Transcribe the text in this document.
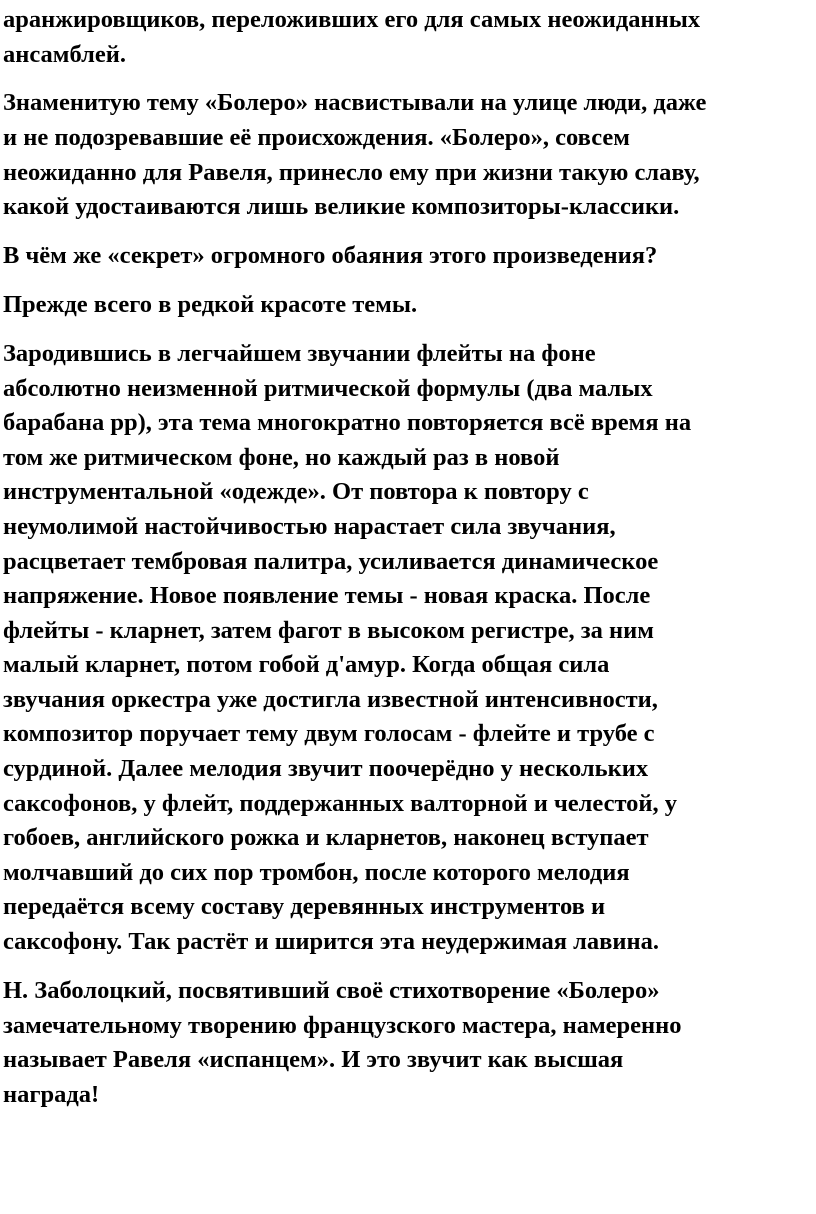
аранжировщиков, переложивших его для самых неожиданных
ансамблей.

Знаменитую тему «Болеро» насвистывали на улице люди, даже
и не подозревавшие её происхождения. «Болеро», совсем
неожиданно для Равеля, принесло ему при жизни такую славу,
какой удостаиваются лишь великие композиторы-классики.

В чём же «секрет» огромного обаяния этого произведения?

Прежде всего в редкой красоте темы.

Зародившись в легчайшем звучании флейты на фоне
абсолютно неизменной ритмической формулы (два малых
барабана pp), эта тема многократно повторяется всё время на
том же ритмическом фоне, но каждый раз в новой
инструментальной «одежде». От повтора к повтору с
неумолимой настойчивостью нарастает сила звучания,
расцветает тембровая палитра, усиливается динамическое
напряжение. Новое появление темы - новая краска. После
флейты - кларнет, затем фагот в высоком регистре, за ним
малый кларнет, потом гобой д'амур. Когда общая сила
звучания оркестра уже достигла известной интенсивности,
композитор поручает тему двум голосам - флейте и трубе с
сурдиной. Далее мелодия звучит поочерёдно у нескольких
саксофонов, у флейт, поддержанных валторной и челестой, у
гобоев, английского рожка и кларнетов, наконец вступает
молчавший до сих пор тромбон, после которого мелодия
передаётся всему составу деревянных инструментов и
саксофону. Так растёт и ширится эта неудержимая лавина.

Н. Заболоцкий, посвятивший своё стихотворение «Болеро»
замечательному творению французского мастера, намеренно
называет Равеля «испанцем». И это звучит как высшая
награда!
